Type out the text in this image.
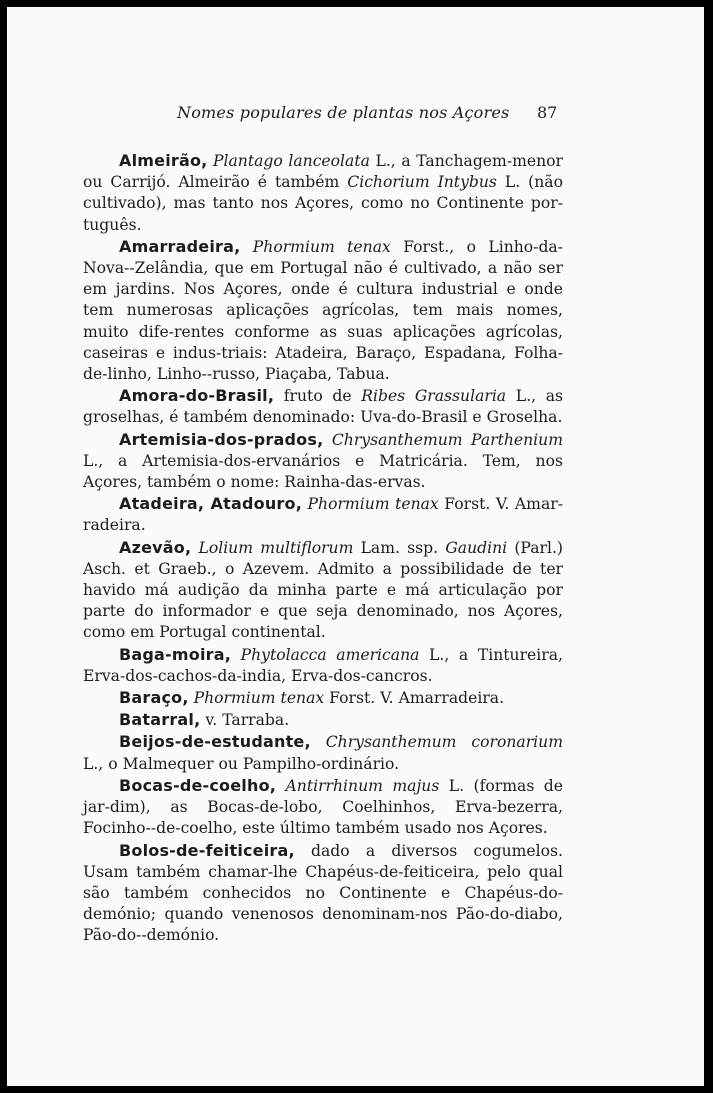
Nomes populares de plantas nos Açores 87

Almeirão, Plantago lanceolata L., a Tanchagem-menor ou Carrijó. Almeirão é também Cichorium Intybus L. (não cultivado), mas tanto nos Açores, como no Continente por-tuguês.

Amarradeira, Phormium tenax Forst., o Linho-da-Nova--Zelândia, que em Portugal não é cultivado, a não ser em jardins. Nos Açores, onde é cultura industrial e onde tem numerosas aplicações agrícolas, tem mais nomes, muito dife-rentes conforme as suas aplicações agrícolas, caseiras e indus-triais: Atadeira, Baraço, Espadana, Folha-de-linho, Linho--russo, Piaçaba, Tabua.

Amora-do-Brasil, fruto de Ribes Grassularia L., as groselhas, é também denominado: Uva-do-Brasil e Groselha.

Artemisia-dos-prados, Chrysanthemum Parthenium L., a Artemisia-dos-ervanários e Matricária. Tem, nos Açores, também o nome: Rainha-das-ervas.

Atadeira, Atadouro, Phormium tenax Forst. V. Amar-radeira.

Azevão, Lolium multiflorum Lam. ssp. Gaudini (Parl.) Asch. et Graeb., o Azevem. Admito a possibilidade de ter havido má audição da minha parte e má articulação por parte do informador e que seja denominado, nos Açores, como em Portugal continental.

Baga-moira, Phytolacca americana L., a Tintureira, Erva-dos-cachos-da-india, Erva-dos-cancros.

Baraço, Phormium tenax Forst. V. Amarradeira.

Batarral, v. Tarraba.

Beijos-de-estudante, Chrysanthemum coronarium L., o Malmequer ou Pampilho-ordinário.

Bocas-de-coelho, Antirrhinum majus L. (formas de jar-dim), as Bocas-de-lobo, Coelhinhos, Erva-bezerra, Focinho--de-coelho, este último também usado nos Açores.

Bolos-de-feiticeira, dado a diversos cogumelos. Usam também chamar-lhe Chapéus-de-feiticeira, pelo qual são também conhecidos no Continente e Chapéus-do-demónio; quando venenosos denominam-nos Pão-do-diabo, Pão-do--demónio.
